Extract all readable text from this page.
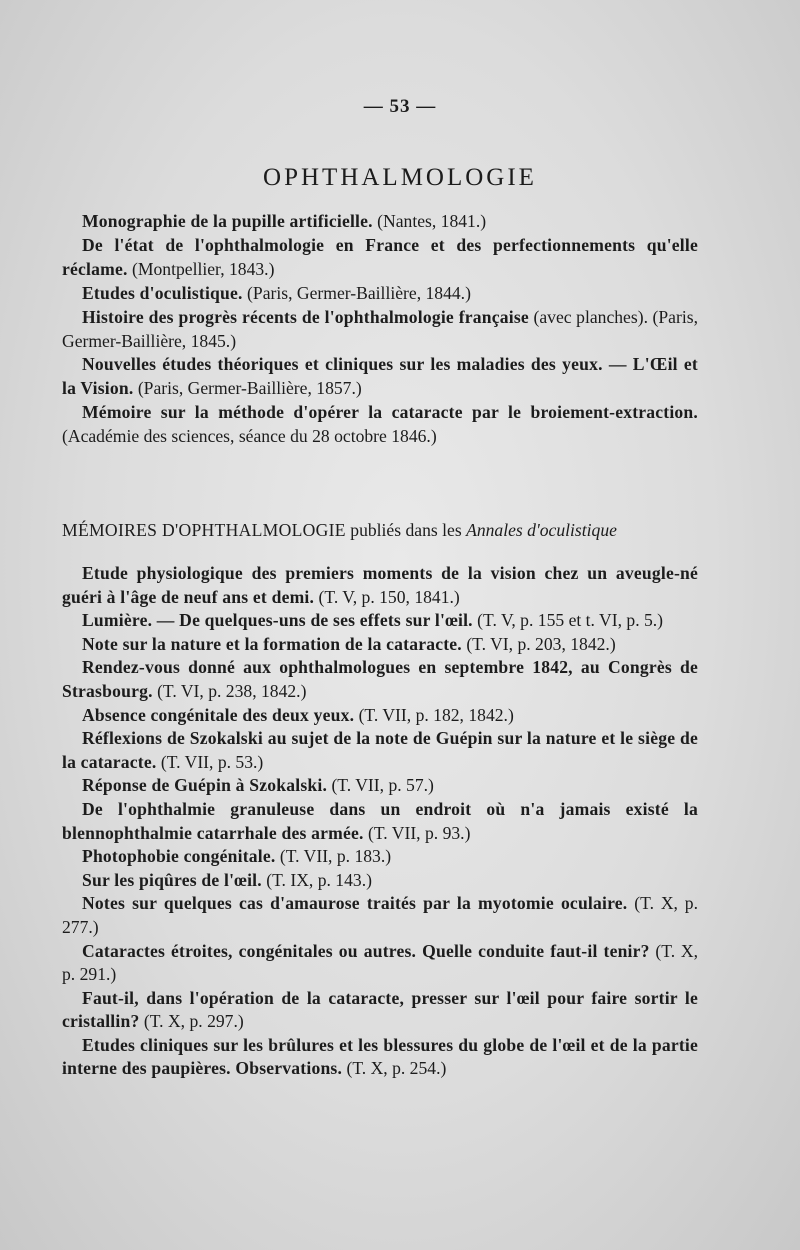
— 53 —
OPHTHALMOLOGIE

Monographie de la pupille artificielle. (Nantes, 1841.)

De l'état de l'ophthalmologie en France et des perfectionnements qu'elle réclame. (Montpellier, 1843.)

Etudes d'oculistique. (Paris, Germer-Baillière, 1844.)

Histoire des progrès récents de l'ophthalmologie française (avec planches). (Paris, Germer-Baillière, 1845.)

Nouvelles études théoriques et cliniques sur les maladies des yeux. — L'Œil et la Vision. (Paris, Germer-Baillière, 1857.)

Mémoire sur la méthode d'opérer la cataracte par le broiement-extraction. (Académie des sciences, séance du 28 octobre 1846.)

MÉMOIRES D'OPHTHALMOLOGIE publiés dans les Annales d'oculistique

Etude physiologique des premiers moments de la vision chez un aveugle-né guéri à l'âge de neuf ans et demi. (T. V, p. 150, 1841.)

Lumière. — De quelques-uns de ses effets sur l'œil. (T. V, p. 155 et t. VI, p. 5.)

Note sur la nature et la formation de la cataracte. (T. VI, p. 203, 1842.)

Rendez-vous donné aux ophthalmologues en septembre 1842, au Congrès de Strasbourg. (T. VI, p. 238, 1842.)

Absence congénitale des deux yeux. (T. VII, p. 182, 1842.)

Réflexions de Szokalski au sujet de la note de Guépin sur la nature et le siège de la cataracte. (T. VII, p. 53.)

Réponse de Guépin à Szokalski. (T. VII, p. 57.)

De l'ophthalmie granuleuse dans un endroit où n'a jamais existé la blennophthalmie catarrhale des armée. (T. VII, p. 93.)

Photophobie congénitale. (T. VII, p. 183.)

Sur les piqûres de l'œil. (T. IX, p. 143.)

Notes sur quelques cas d'amaurose traités par la myotomie oculaire. (T. X, p. 277.)

Cataractes étroites, congénitales ou autres. Quelle conduite faut-il tenir? (T. X, p. 291.)

Faut-il, dans l'opération de la cataracte, presser sur l'œil pour faire sortir le cristallin? (T. X, p. 297.)

Etudes cliniques sur les brûlures et les blessures du globe de l'œil et de la partie interne des paupières. Observations. (T. X, p. 254.)
